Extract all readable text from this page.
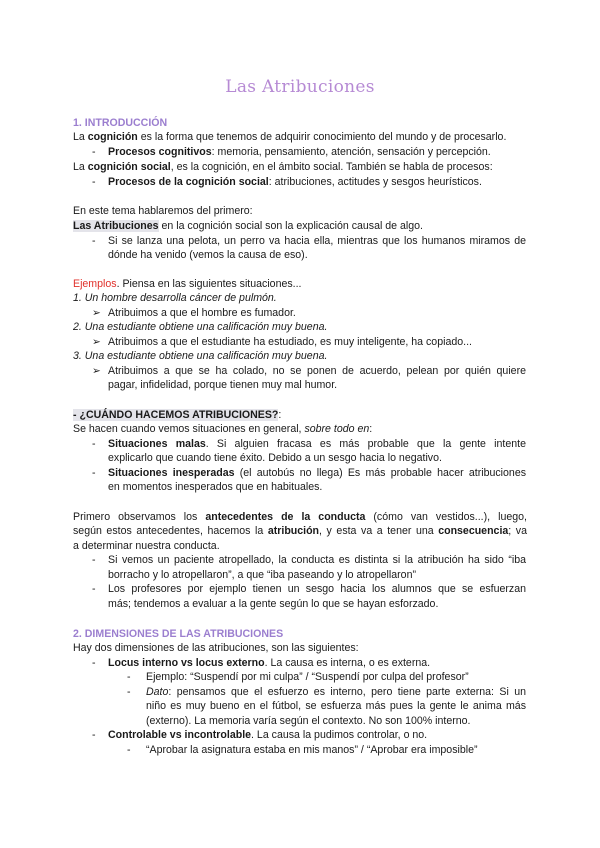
Las Atribuciones
1. INTRODUCCIÓN
La cognición es la forma que tenemos de adquirir conocimiento del mundo y de procesarlo.
- Procesos cognitivos: memoria, pensamiento, atención, sensación y percepción.
La cognición social, es la cognición, en el ámbito social. También se habla de procesos:
- Procesos de la cognición social: atribuciones, actitudes y sesgos heurísticos.
En este tema hablaremos del primero:
Las Atribuciones en la cognición social son la explicación causal de algo.
- Si se lanza una pelota, un perro va hacia ella, mientras que los humanos miramos de
dónde ha venido (vemos la causa de eso).
Ejemplos. Piensa en las siguientes situaciones...
1. Un hombre desarrolla cáncer de pulmón.
➢ Atribuimos a que el hombre es fumador.
2. Una estudiante obtiene una calificación muy buena.
➢ Atribuimos a que el estudiante ha estudiado, es muy inteligente, ha copiado...
3. Una estudiante obtiene una calificación muy buena.
➢ Atribuimos a que se ha colado, no se ponen de acuerdo, pelean por quién quiere
pagar, infidelidad, porque tienen muy mal humor.
- ¿CUÁNDO HACEMOS ATRIBUCIONES?:
Se hacen cuando vemos situaciones en general, sobre todo en:
- Situaciones malas. Si alguien fracasa es más probable que la gente intente
explicarlo que cuando tiene éxito. Debido a un sesgo hacia lo negativo.
- Situaciones inesperadas (el autobús no llega) Es más probable hacer atribuciones
en momentos inesperados que en habituales.
Primero observamos los antecedentes de la conducta (cómo van vestidos...), luego,
según estos antecedentes, hacemos la atribución, y esta va a tener una consecuencia; va
a determinar nuestra conducta.
- Si vemos un paciente atropellado, la conducta es distinta si la atribución ha sido “iba
borracho y lo atropellaron”, a que “iba paseando y lo atropellaron”
- Los profesores por ejemplo tienen un sesgo hacia los alumnos que se esfuerzan
más; tendemos a evaluar a la gente según lo que se hayan esforzado.
2. DIMENSIONES DE LAS ATRIBUCIONES
Hay dos dimensiones de las atribuciones, son las siguientes:
- Locus interno vs locus externo. La causa es interna, o es externa.
- Ejemplo: “Suspendí por mi culpa” / “Suspendí por culpa del profesor”
- Dato: pensamos que el esfuerzo es interno, pero tiene parte externa: Si un
niño es muy bueno en el fútbol, se esfuerza más pues la gente le anima más
(externo). La memoria varía según el contexto. No son 100% interno.
- Controlable vs incontrolable. La causa la pudimos controlar, o no.
- “Aprobar la asignatura estaba en mis manos” / “Aprobar era imposible”
